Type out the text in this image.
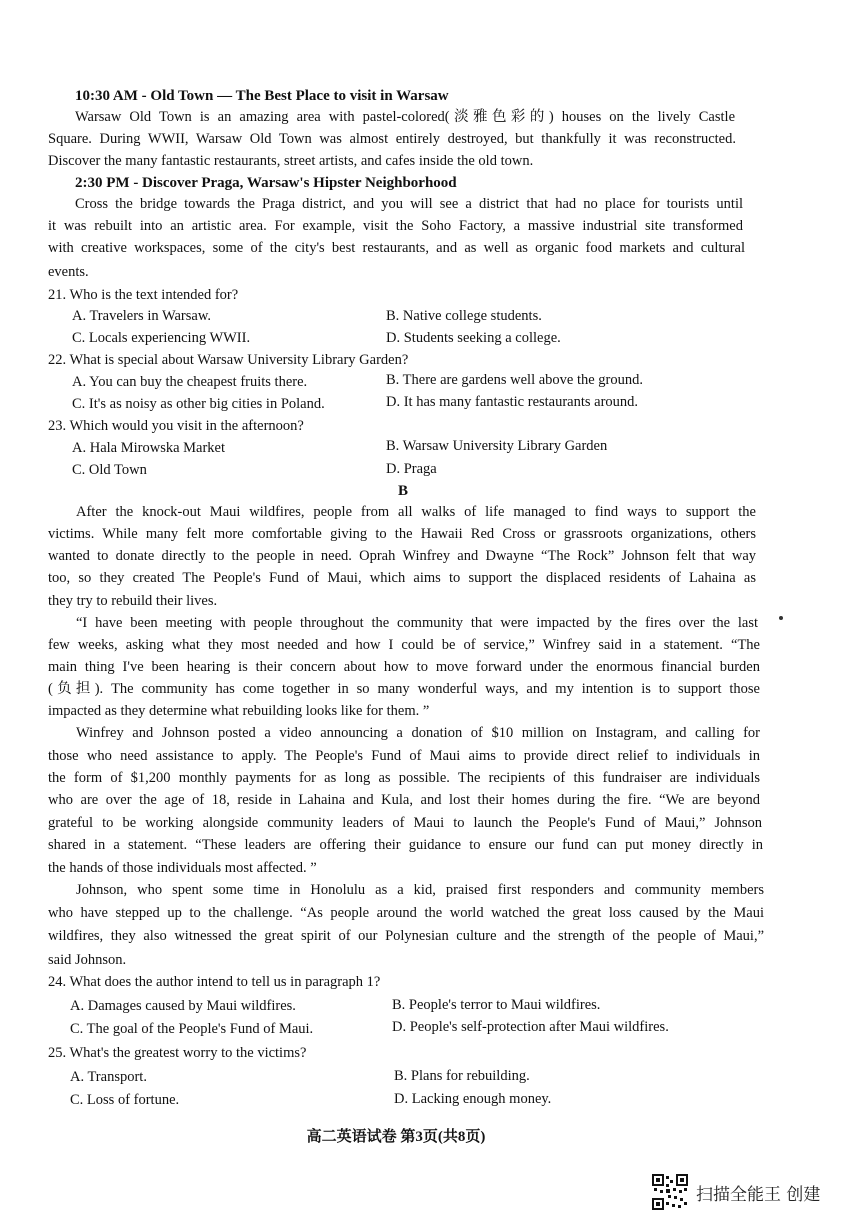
10:30 AM - Old Town — The Best Place to visit in Warsaw
Warsaw Old Town is an amazing area with pastel-colored(淡雅色彩的) houses on the lively Castle
Square. During WWII, Warsaw Old Town was almost entirely destroyed, but thankfully it was reconstructed.
Discover the many fantastic restaurants, street artists, and cafes inside the old town.
2:30 PM - Discover Praga, Warsaw's Hipster Neighborhood
Cross the bridge towards the Praga district, and you will see a district that had no place for tourists until
it was rebuilt into an artistic area. For example, visit the Soho Factory, a massive industrial site transformed
with creative workspaces, some of the city's best restaurants, and as well as organic food markets and cultural
events.
21. Who is the text intended for?
A. Travelers in Warsaw.	B. Native college students.
C. Locals experiencing WWII.	D. Students seeking a college.
22. What is special about Warsaw University Library Garden?
A. You can buy the cheapest fruits there.	B. There are gardens well above the ground.
C. It's as noisy as other big cities in Poland.	D. It has many fantastic restaurants around.
23. Which would you visit in the afternoon?
A. Hala Mirowska Market	B. Warsaw University Library Garden
C. Old Town	D. Praga
B
After the knock-out Maui wildfires, people from all walks of life managed to find ways to support the
victims. While many felt more comfortable giving to the Hawaii Red Cross or grassroots organizations, others
wanted to donate directly to the people in need. Oprah Winfrey and Dwayne “The Rock” Johnson felt that way
too, so they created The People's Fund of Maui, which aims to support the displaced residents of Lahaina as
they try to rebuild their lives.
“I have been meeting with people throughout the community that were impacted by the fires over the last
few weeks, asking what they most needed and how I could be of service,” Winfrey said in a statement. “The
main thing I've been hearing is their concern about how to move forward under the enormous financial burden
(负担). The community has come together in so many wonderful ways, and my intention is to support those
impacted as they determine what rebuilding looks like for them. ”
Winfrey and Johnson posted a video announcing a donation of $10 million on Instagram, and calling for
those who need assistance to apply. The People's Fund of Maui aims to provide direct relief to individuals in
the form of $1,200 monthly payments for as long as possible. The recipients of this fundraiser are individuals
who are over the age of 18, reside in Lahaina and Kula, and lost their homes during the fire. “We are beyond
grateful to be working alongside community leaders of Maui to launch the People's Fund of Maui,” Johnson
shared in a statement. “These leaders are offering their guidance to ensure our fund can put money directly in
the hands of those individuals most affected. ”
Johnson, who spent some time in Honolulu as a kid, praised first responders and community members
who have stepped up to the challenge. “As people around the world watched the great loss caused by the Maui
wildfires, they also witnessed the great spirit of our Polynesian culture and the strength of the people of Maui,”
said Johnson.
24. What does the author intend to tell us in paragraph 1?
A. Damages caused by Maui wildfires.	B. People's terror to Maui wildfires.
C. The goal of the People's Fund of Maui.	D. People's self-protection after Maui wildfires.
25. What's the greatest worry to the victims?
A. Transport.	B. Plans for rebuilding.
C. Loss of fortune.	D. Lacking enough money.
高二英语试卷 第3页(共8页)
扫描全能王 创建
